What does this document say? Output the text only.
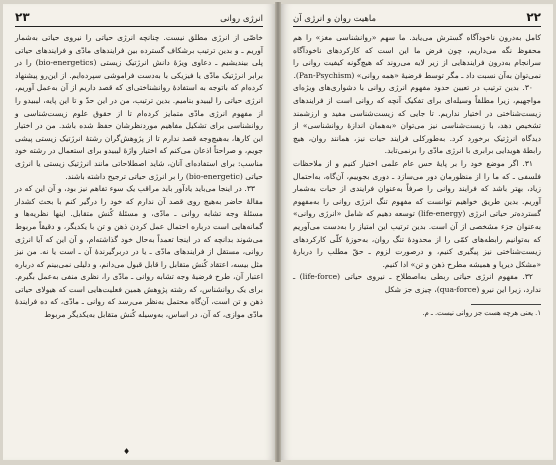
۲۳	انرژی روانی

خاصّی از انرژی مطلق نیست. چنانچه انرژی حیاتی را نیروی حیاتی به‌شمار آوریم ـ و بدین ترتیب برشکاف گسترده بین فرایندهای مادّی و فرایندهای حیاتی پلی بیندیشیم ـ دعاوی ویژهٔ دانش انرژتیک زیستی (bio-energetics) را در برابر انرژتیک مادّی یا فیزیکی با به‌دست فراموشی سپرده‌ایم. از این‌رو پیشنهاد کرده‌ام که باتوجه به استفادهٔ روانشناختی‌ای که قصد داریم از آن به‌عمل آوریم، انرژی حیاتی را لیبیدو بنامیم. بدین ترتیب، من در این حدّ و تا این پایه، لیبیدو را از مفهوم انرژی مادّی متمایز کرده‌ام تا از حقوق علوم زیست‌شناسی و روانشناسی برای تشکیل مفاهیم موردنظرشان حفظ شده باشد. من در اختیار این کارها، به‌هیچ‌وجه قصد ندارم تا از پژوهش‌گران رشتهٔ انرژتیک زیستی پیشی جویم، و صراحتاً اذعان می‌کنم که اختیار واژهٔ لیبیدو برای استعمال در رشته خود مناسب: برای استفاده‌ای آنان، شاید اصطلاحاتی مانند انرژتیک زیستی یا انرژی حیاتی (bio-energetic) را بر انرژی حیاتی ترجیح داشته باشند.

۳۳. در اینجا می‌باید یادآور باید مراقب یک سوء تفاهم نیز بود، و آن این که در مقالهٔ حاضر به‌هیچ روی قصد آن ندارم که خود را درگیر کنم با بحث کشدار مسئلهٔ وجه تشابه روانی ـ مادّی، و مسئلهٔ کُنش متقابل. اینها نظریه‌ها و گمانه‌هایی است درباره احتمال عمل کردن ذهن و تن با یکدیگر، و دقیقاً مربوط می‌شوند بدانچه که در اینجا تعمداً به‌حال خود گذاشته‌ام، و آن این که آیا انرژی روانی، مستقل از فرایندهای مادّی ـ یا در دربرگیرندهٔ آن ـ است یا نه. من نیز مثل بیسه، اعتقاد کُنش متقابل را قابل قبول می‌دانم، و دلیلی نمی‌بینم که درباره اعتبار آن، طرح فرضیهٔ وجه تشابه روانی ـ مادّی را، نظری منفی به‌عمل بگیرم. برای یک روانشناس، که رشته پژوهش همین فعلیت‌هایی است که هیولای حیاتی ذهن و تن است، آن‌گاه محتمل به‌نظر می‌رسد که روانی ـ مادّی، که ده فرایندهٔ مادّی موازی، که آن، در اساس، به‌وسیله کُنش متقابل به‌یکدیگر مربوط

♦
ماهیت روان و انرژی آن	۲۲

کامل به‌درون ناخودآگاه گسترش می‌یابد. ما سهم «روانشناسی مغز» را هم محفوظ نگه می‌داریم، چون فرض ما این است که کارکردهای ناخودآگاه سرانجام به‌درون فرایندهایی از زیر لایه می‌روند که هیچ‌گونه کیفیت روانی را نمی‌توان به‌آن نسبت داد ـ مگر توسط فرضیهٔ «همه روانی» (Pan-Psychism).

۳۰. بدین ترتیب در تعیین حدود مفهوم انرژی روانی با دشواری‌های ویژه‌ای مواجهیم، زیرا مطلقاً وسیله‌ای برای تفکیک آنچه که روانی است از فرایندهای زیست‌شناختی در اختیار نداریم. تا جایی که زیست‌شناسی مفید و ارزشمند تشخیص دهد، با زیست‌شناسی نیز می‌توان «به‌همان اندازهٔ روانشناسی» از دیدگاه انرژتیک برخورد کرد. به‌طورکلی فرایند حیات نیز، همانند روان، هیچ رابطهٔ هویدایی برابری با انرژی مادّی را برنمی‌تابد.

۳۱. اگر موضع خود را بر پایهٔ حس عام علمی اختیار کنیم و از ملاحظات فلسفی ـ که ما را از منظورمان دور می‌سازد ـ دوری بجوییم، آن‌گاه، به‌احتمال زیاد، بهتر باشد که فرایند روانی را صرفاً به‌عنوان فرایندی از حیات به‌شمار آوریم. بدین طریق خواهیم توانست که مفهوم تنگ انرژی روانی را به‌مفهوم گسترده‌تر حیاتی انرژی (life-energy) توسعه دهیم که شامل «انرژی روانی» به‌عنوان جزء مشخصی از آن است. بدین ترتیب این امتیاز را به‌دست می‌آوریم که به‌توانیم رابطه‌های کمّی را از محدودهٔ تنگ روان، به‌حوزهٔ کلّی کارکردهای زیست‌شناختی نیز پیگیری کنیم، و درصورت لزوم ـ حقّ مطلب را دربارهٔ «مشکل دیرپا و همیشه مطرح ذهن و تن» ادا کنیم.

۳۲. مفهوم انرژی حیاتی ربطی به‌اصطلاح ـ نیروی حیاتی (life-force) ـ ندارد، زیرا این نیرو (qua-force)، چیزی جز شکل

۱. یعنی هرچه هست جز روانی نیست. ـ م.
